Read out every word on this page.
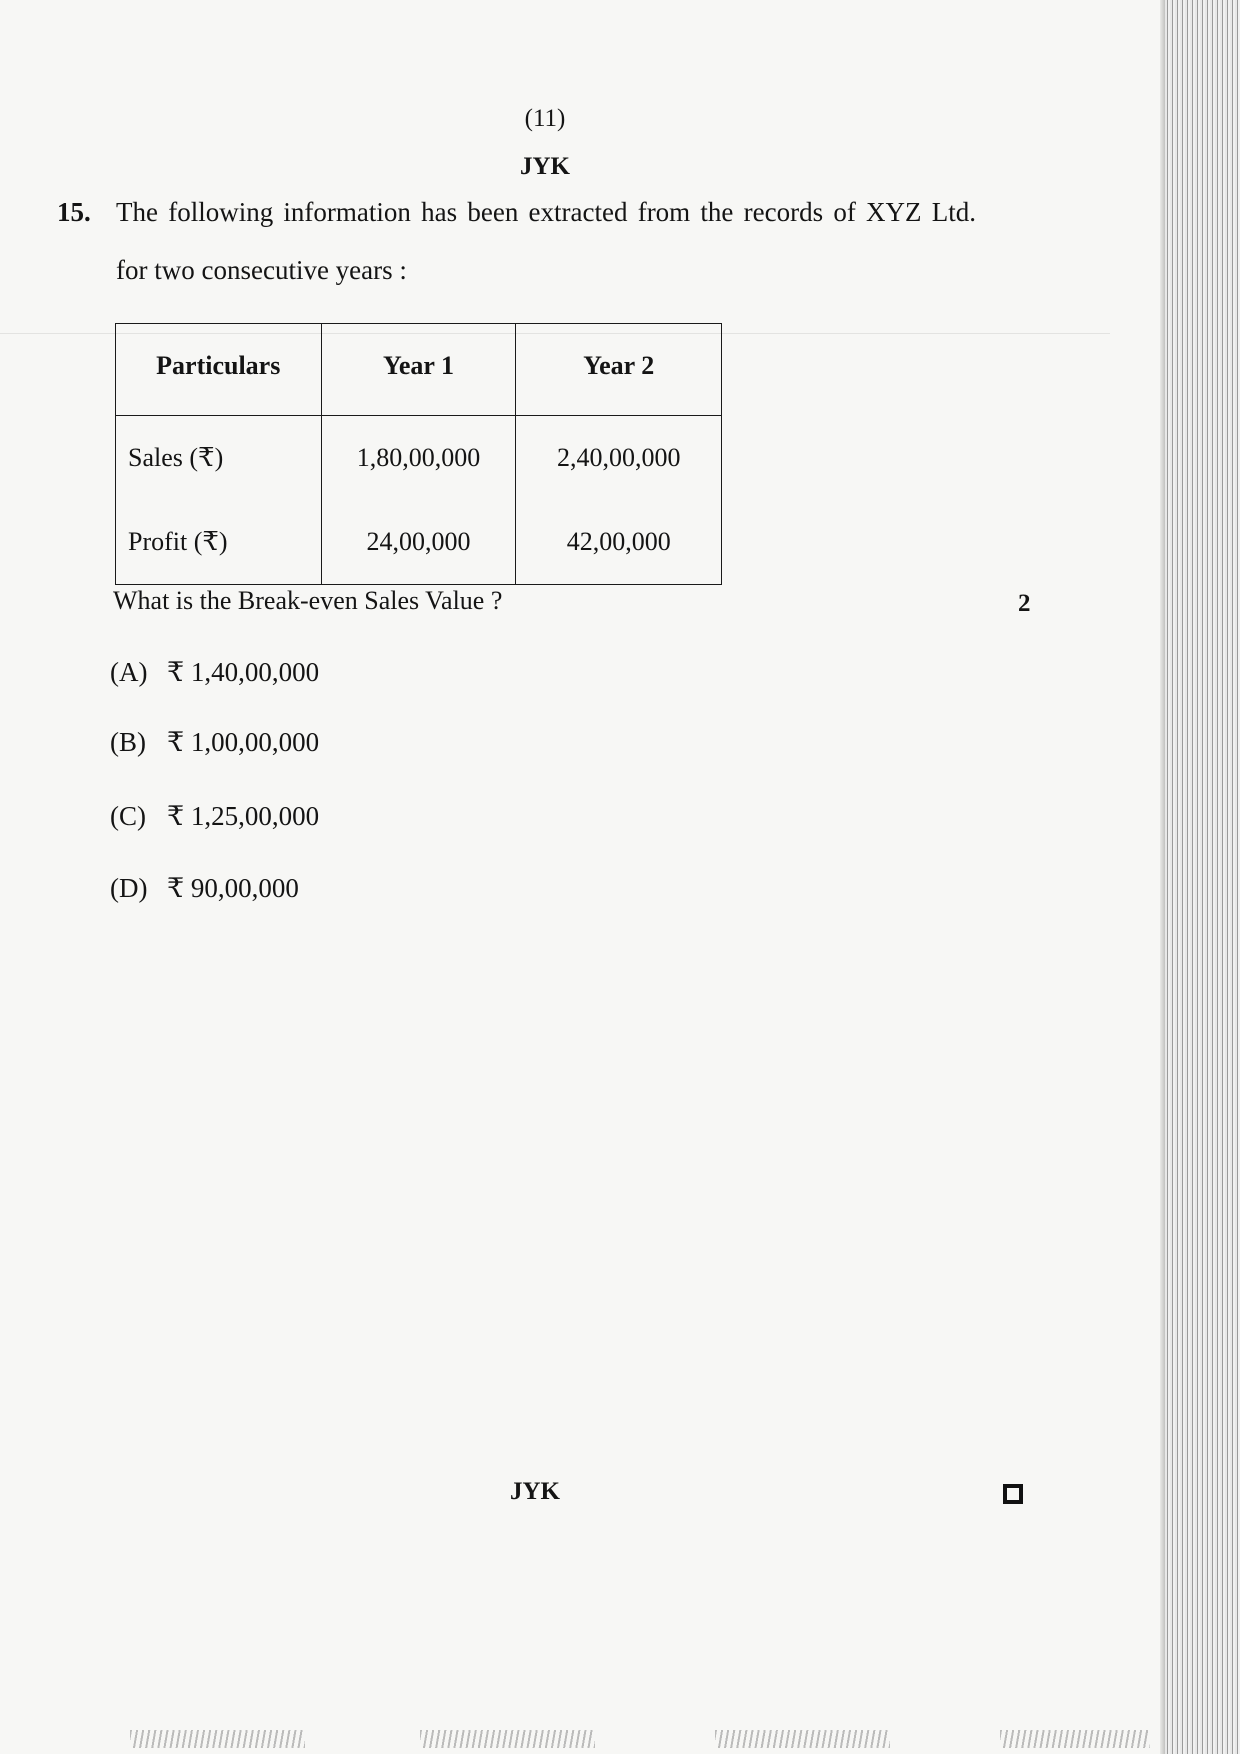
(11)
JYK
15. The following information has been extracted from the records of XYZ Ltd.
for two consecutive years :
Particulars	Year 1	Year 2
Sales (₹)	1,80,00,000	2,40,00,000
Profit (₹)	24,00,000	42,00,000
What is the Break-even Sales Value ?	2
(A) ₹ 1,40,00,000
(B) ₹ 1,00,00,000
(C) ₹ 1,25,00,000
(D) ₹ 90,00,000
JYK
